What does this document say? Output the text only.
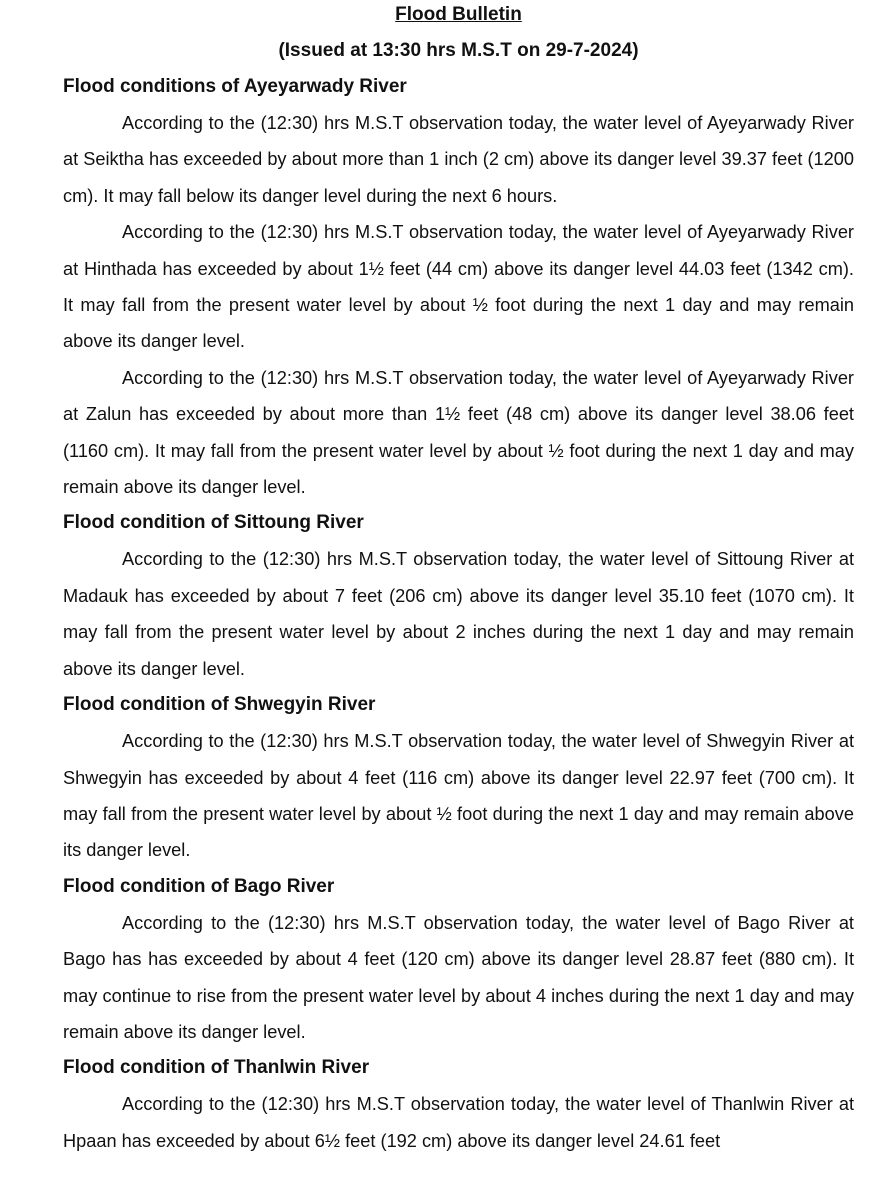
Flood Bulletin
(Issued at 13:30 hrs M.S.T on 29-7-2024)
Flood conditions of Ayeyarwady River

According to the (12:30) hrs M.S.T observation today, the water level of Ayeyarwady River at Seiktha has exceeded by about more than 1 inch (2 cm) above its danger level 39.37 feet (1200 cm). It may fall below its danger level during the next 6 hours.

According to the (12:30) hrs M.S.T observation today, the water level of Ayeyarwady River at Hinthada has exceeded by about 1½ feet (44 cm) above its danger level 44.03 feet (1342 cm). It may fall from the present water level by about ½ foot during the next 1 day and may remain above its danger level.

According to the (12:30) hrs M.S.T observation today, the water level of Ayeyarwady River at Zalun has exceeded by about more than 1½ feet (48 cm) above its danger level 38.06 feet (1160 cm). It may fall from the present water level by about ½ foot during the next 1 day and may remain above its danger level.

Flood condition of Sittoung River

According to the (12:30) hrs M.S.T observation today, the water level of Sittoung River at Madauk has exceeded by about 7 feet (206 cm) above its danger level 35.10 feet (1070 cm). It may fall from the present water level by about 2 inches during the next 1 day and may remain above its danger level.

Flood condition of Shwegyin River

According to the (12:30) hrs M.S.T observation today, the water level of Shwegyin River at Shwegyin has exceeded by about 4 feet (116 cm) above its danger level 22.97 feet (700 cm). It may fall from the present water level by about ½ foot during the next 1 day and may remain above its danger level.

Flood condition of Bago River

According to the (12:30) hrs M.S.T observation today, the water level of Bago River at Bago has has exceeded by about 4 feet (120 cm) above its danger level 28.87 feet (880 cm). It may continue to rise from the present water level by about 4 inches during the next 1 day and may remain above its danger level.

Flood condition of Thanlwin River

According to the (12:30) hrs M.S.T observation today, the water level of Thanlwin River at Hpaan has exceeded by about 6½ feet (192 cm) above its danger level 24.61 feet
